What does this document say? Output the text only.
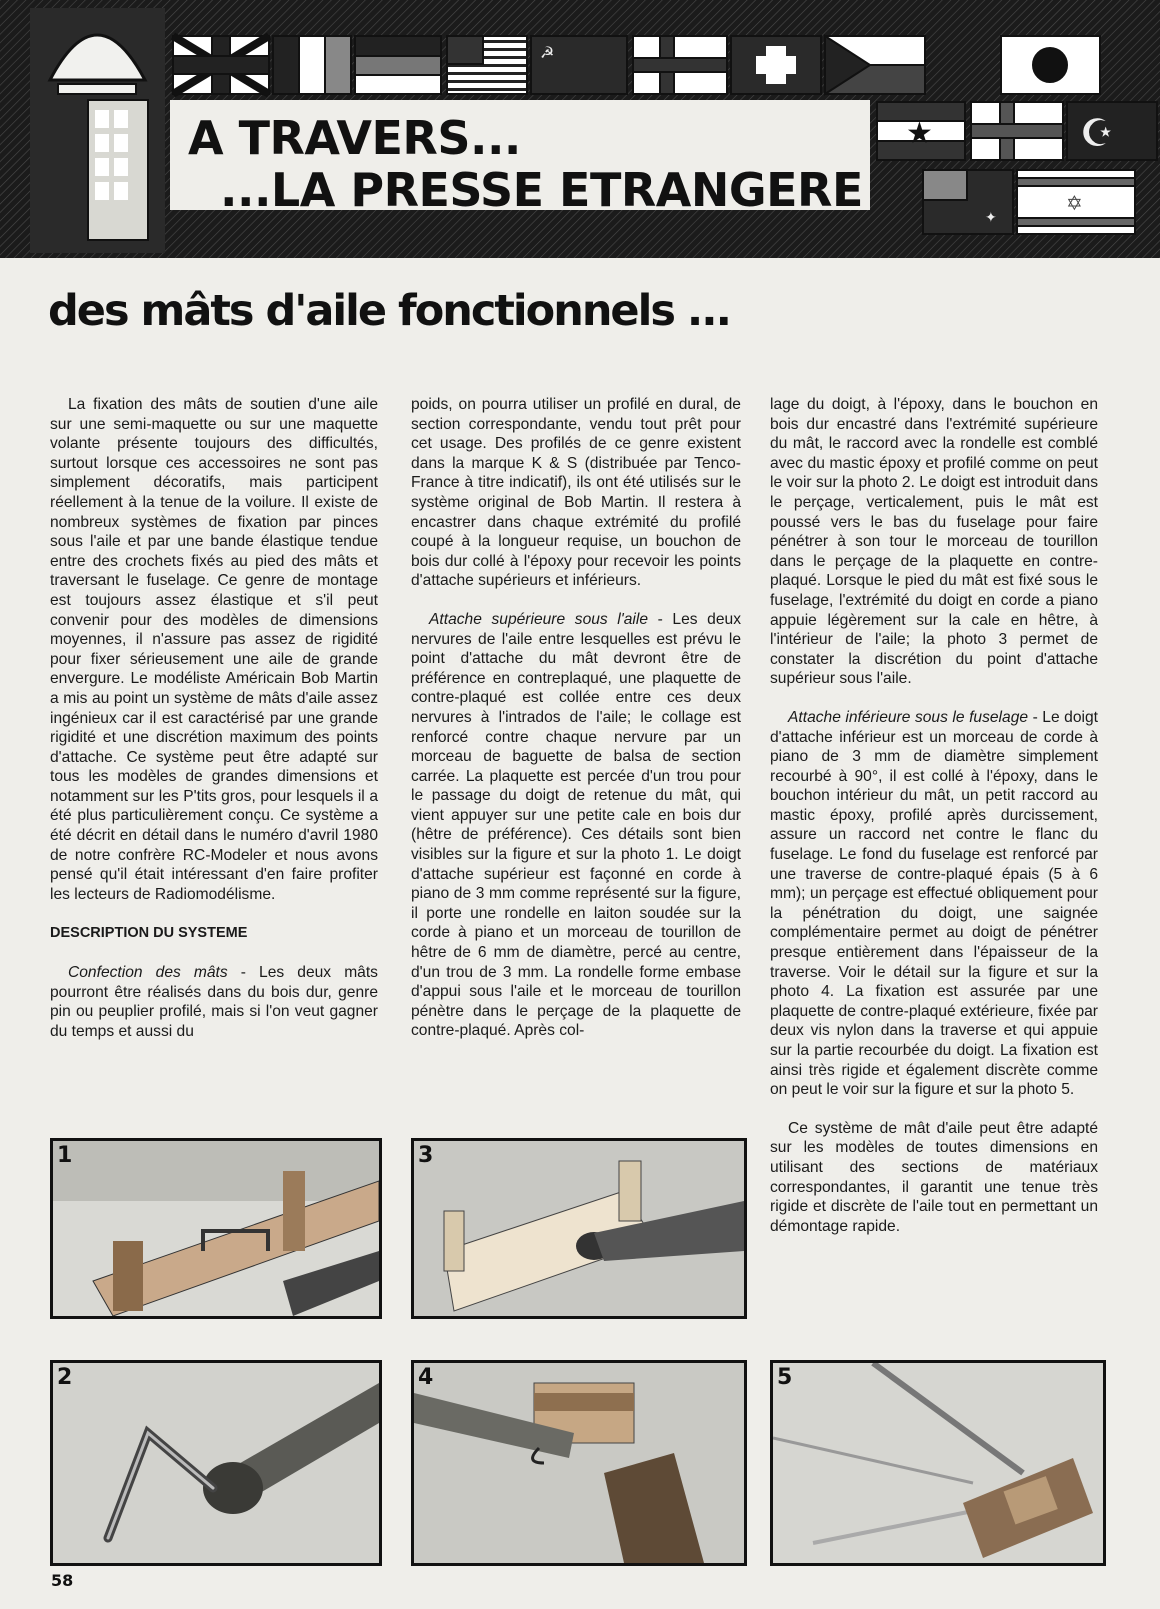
☭
★	☪
✦
✡
A TRAVERS...
...LA PRESSE ETRANGERE
des mâts d'aile fonctionnels ...

La fixation des mâts de soutien d'une aile sur une semi-maquette ou sur une maquette volante présente toujours des difficultés, surtout lorsque ces accessoires ne sont pas simplement décoratifs, mais participent réellement à la tenue de la voilure. Il existe de nombreux systèmes de fixation par pinces sous l'aile et par une bande élastique tendue entre des crochets fixés au pied des mâts et traversant le fuselage. Ce genre de montage est toujours assez élastique et s'il peut convenir pour des modèles de dimensions moyennes, il n'assure pas assez de rigidité pour fixer sérieusement une aile de grande envergure. Le modéliste Américain Bob Martin a mis au point un système de mâts d'aile assez ingénieux car il est caractérisé par une grande rigidité et une discrétion maximum des points d'attache. Ce système peut être adapté sur tous les modèles de grandes dimensions et notamment sur les P'tits gros, pour lesquels il a été plus particulièrement conçu. Ce système a été décrit en détail dans le numéro d'avril 1980 de notre confrère RC-Modeler et nous avons pensé qu'il était intéressant d'en faire profiter les lecteurs de Radiomodélisme.

DESCRIPTION DU SYSTEME

Confection des mâts - Les deux mâts pourront être réalisés dans du bois dur, genre pin ou peuplier profilé, mais si l'on veut gagner du temps et aussi du

poids, on pourra utiliser un profilé en dural, de section correspondante, vendu tout prêt pour cet usage. Des profilés de ce genre existent dans la marque K & S (distribuée par Tenco-France à titre indicatif), ils ont été utilisés sur le système original de Bob Martin. Il restera à encastrer dans chaque extrémité du profilé coupé à la longueur requise, un bouchon de bois dur collé à l'époxy pour recevoir les points d'attache supérieurs et inférieurs.

Attache supérieure sous l'aile - Les deux nervures de l'aile entre lesquelles est prévu le point d'attache du mât devront être de préférence en contreplaqué, une plaquette de contre-plaqué est collée entre ces deux nervures à l'intrados de l'aile; le collage est renforcé contre chaque nervure par un morceau de baguette de balsa de section carrée. La plaquette est percée d'un trou pour le passage du doigt de retenue du mât, qui vient appuyer sur une petite cale en bois dur (hêtre de préférence). Ces détails sont bien visibles sur la figure et sur la photo 1. Le doigt d'attache supérieur est façonné en corde à piano de 3 mm comme représenté sur la figure, il porte une rondelle en laiton soudée sur la corde à piano et un morceau de tourillon de hêtre de 6 mm de diamètre, percé au centre, d'un trou de 3 mm. La rondelle forme embase d'appui sous l'aile et le morceau de tourillon pénètre dans le perçage de la plaquette de contre-plaqué. Après col-

lage du doigt, à l'époxy, dans le bouchon en bois dur encastré dans l'extrémité supérieure du mât, le raccord avec la rondelle est comblé avec du mastic époxy et profilé comme on peut le voir sur la photo 2. Le doigt est introduit dans le perçage, verticalement, puis le mât est poussé vers le bas du fuselage pour faire pénétrer à son tour le morceau de tourillon dans le perçage de la plaquette en contre-plaqué. Lorsque le pied du mât est fixé sous le fuselage, l'extrémité du doigt en corde a piano appuie légèrement sur la cale en hêtre, à l'intérieur de l'aile; la photo 3 permet de constater la discrétion du point d'attache supérieur sous l'aile.

Attache inférieure sous le fuselage - Le doigt d'attache inférieur est un morceau de corde à piano de 3 mm de diamètre simplement recourbé à 90°, il est collé à l'époxy, dans le bouchon intérieur du mât, un petit raccord au mastic époxy, profilé après durcissement, assure un raccord net contre le flanc du fuselage. Le fond du fuselage est renforcé par une traverse de contre-plaqué épais (5 à 6 mm); un perçage est effectué obliquement pour la pénétration du doigt, une saignée complémentaire permet au doigt de pénétrer presque entièrement dans l'épaisseur de la traverse. Voir le détail sur la figure et sur la photo 4. La fixation est assurée par une plaquette de contre-plaqué extérieure, fixée par deux vis nylon dans la traverse et qui appuie sur la partie recourbée du doigt. La fixation est ainsi très rigide et également discrète comme on peut le voir sur la figure et sur la photo 5.

Ce système de mât d'aile peut être adapté sur les modèles de toutes dimensions en utilisant des sections de matériaux correspondantes, il garantit une tenue très rigide et discrète de l'aile tout en permettant un démontage rapide.

1	3
2	4	5
58
